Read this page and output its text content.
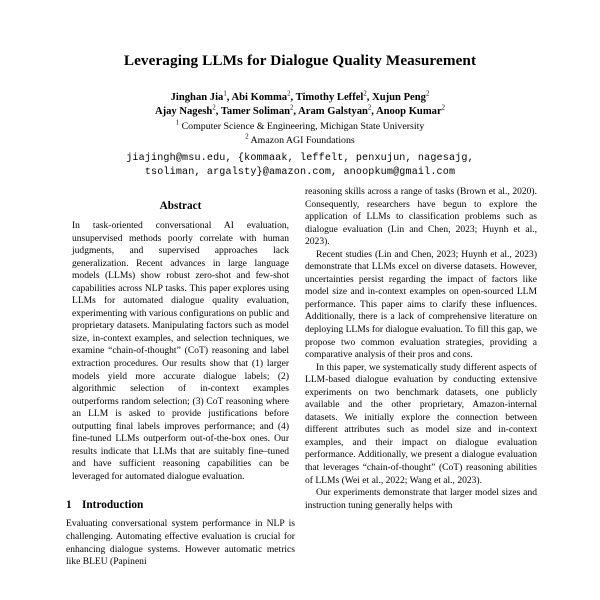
Leveraging LLMs for Dialogue Quality Measurement
Jinghan Jia$^1$, Abi Komma$^2$, Timothy Leffel$^2$, Xujun Peng$^2$
Ajay Nagesh$^2$, Tamer Soliman$^2$, Aram Galstyan$^2$, Anoop Kumar$^2$
$^1$ Computer Science & Engineering, Michigan State University
$^2$ Amazon AGI Foundations
jiajingh@msu.edu, {kommaak, leffelt, penxujun, nagesajg,
tsoliman, argalsty}@amazon.com, anoopkum@gmail.com
Abstract

In task-oriented conversational AI evaluation, unsupervised methods poorly correlate with human judgments, and supervised approaches lack generalization. Recent advances in large language models (LLMs) show robust zero-shot and few-shot capabilities across NLP tasks. This paper explores using LLMs for automated dialogue quality evaluation, experimenting with various configurations on public and proprietary datasets. Manipulating factors such as model size, in-context examples, and selection techniques, we examine “chain-of-thought” (CoT) reasoning and label extraction procedures. Our results show that (1) larger models yield more accurate dialogue labels; (2) algorithmic selection of in-context examples outperforms random selection; (3) CoT reasoning where an LLM is asked to provide justifications before outputting final labels improves performance; and (4) fine-tuned LLMs outperform out-of-the-box ones. Our results indicate that LLMs that are suitably fine–tuned and have sufficient reasoning capabilities can be leveraged for automated dialogue evaluation.

1 Introduction

Evaluating conversational system performance in NLP is challenging. Automating effective evaluation is crucial for enhancing dialogue systems. However automatic metrics like BLEU (Papineni

reasoning skills across a range of tasks (Brown et al., 2020). Consequently, researchers have begun to explore the application of LLMs to classification problems such as dialogue evaluation (Lin and Chen, 2023; Huynh et al., 2023).

Recent studies (Lin and Chen, 2023; Huynh et al., 2023) demonstrate that LLMs excel on diverse datasets. However, uncertainties persist regarding the impact of factors like model size and in-context examples on open-sourced LLM performance. This paper aims to clarify these influences. Additionally, there is a lack of comprehensive literature on deploying LLMs for dialogue evaluation. To fill this gap, we propose two common evaluation strategies, providing a comparative analysis of their pros and cons.

In this paper, we systematically study different aspects of LLM-based dialogue evaluation by conducting extensive experiments on two benchmark datasets, one publicly available and the other proprietary, Amazon-internal datasets. We initially explore the connection between different attributes such as model size and in-context examples, and their impact on dialogue evaluation performance. Additionally, we present a dialogue evaluation that leverages “chain-of-thought” (CoT) reasoning abilities of LLMs (Wei et al., 2022; Wang et al., 2023).

Our experiments demonstrate that larger model sizes and instruction tuning generally helps with
